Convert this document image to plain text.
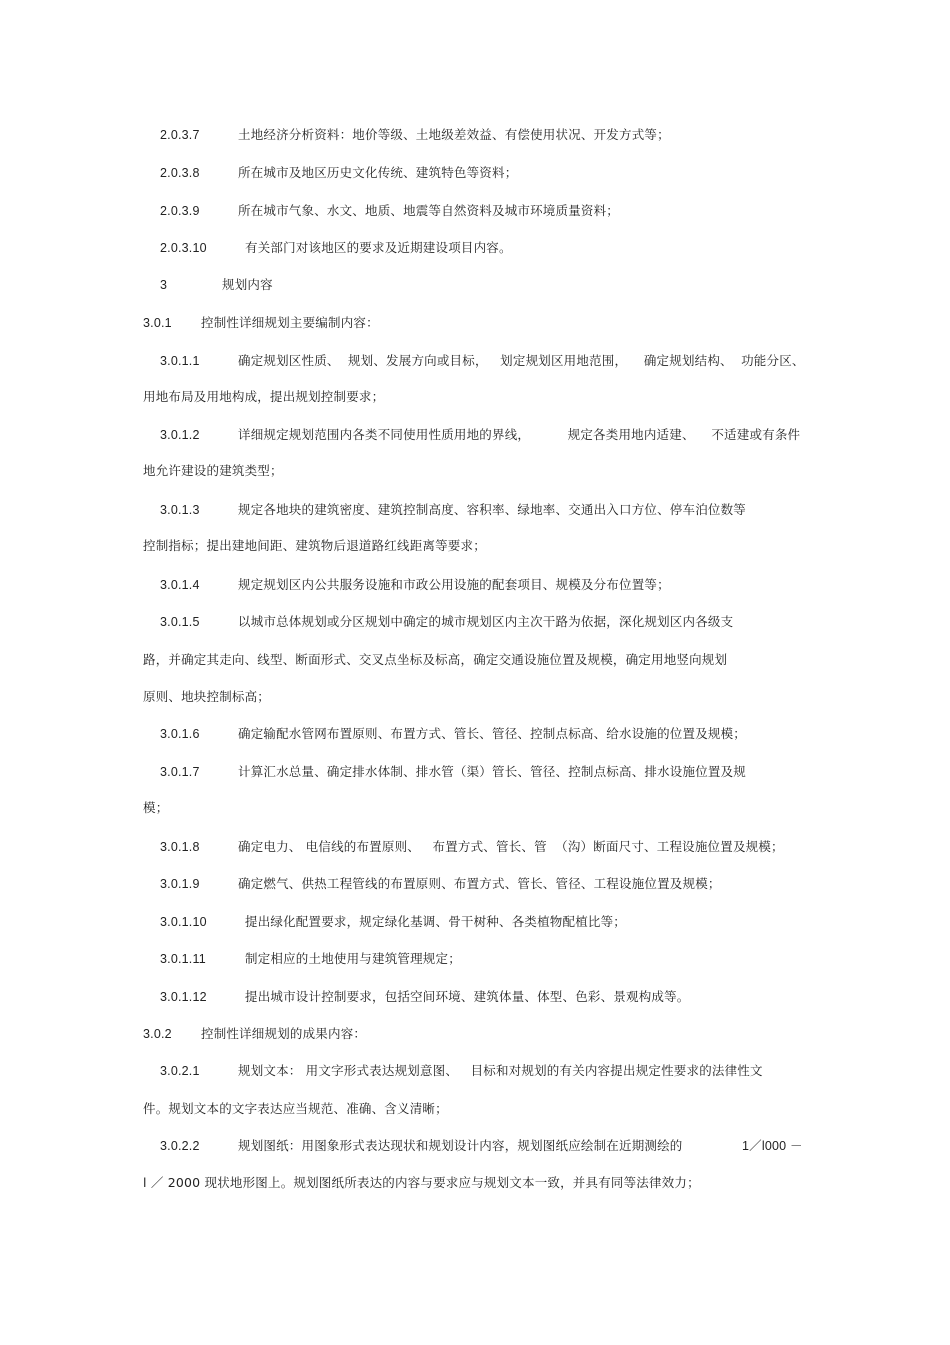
2.0.3.7	土地经济分析资料：地价等级、土地级差效益、有偿使用状况、开发方式等；
2.0.3.8	所在城市及地区历史文化传统、建筑特色等资料；
2.0.3.9	所在城市气象、水文、地质、地震等自然资料及城市环境质量资料；
2.0.3.10	有关部门对该地区的要求及近期建设项目内容。
3	规划内容
3.0.1 控制性详细规划主要编制内容：
3.0.1.1	确定规划区性质、  规划、发展方向或目标，   划定规划区用地范围，    确定规划结构、  功能分区、
用地布局及用地构成，提出规划控制要求；
3.0.1.2	详细规定规划范围内各类不同使用性质用地的界线，         规定各类用地内适建、    不适建或有条件
地允许建设的建筑类型；
3.0.1.3	规定各地块的建筑密度、建筑控制高度、容积率、绿地率、交通出入口方位、停车泊位数等
控制指标；提出建地间距、建筑物后退道路红线距离等要求；
3.0.1.4	规定规划区内公共服务设施和市政公用设施的配套项目、规模及分布位置等；
3.0.1.5	以城市总体规划或分区规划中确定的城市规划区内主次干路为依据，深化规划区内各级支
路，并确定其走向、线型、断面形式、交叉点坐标及标高，确定交通设施位置及规模，确定用地竖向规划
原则、地块控制标高；
3.0.1.6	确定输配水管网布置原则、布置方式、管长、管径、控制点标高、给水设施的位置及规模；
3.0.1.7	计算汇水总量、确定排水体制、排水管（渠）管长、管径、控制点标高、排水设施位置及规
模；
3.0.1.8	确定电力、 电信线的布置原则、   布置方式、管长、管  （沟）断面尺寸、工程设施位置及规模；
3.0.1.9	确定燃气、供热工程管线的布置原则、布置方式、管长、管径、工程设施位置及规模；
3.0.1.10	提出绿化配置要求，规定绿化基调、骨干树种、各类植物配植比等；
3.0.1.11	制定相应的土地使用与建筑管理规定；
3.0.1.12	提出城市设计控制要求，包括空间环境、建筑体量、体型、色彩、景观构成等。
3.0.2 控制性详细规划的成果内容：
3.0.2.1	规划文本： 用文字形式表达规划意图、   目标和对规划的有关内容提出规定性要求的法律性文
件。规划文本的文字表达应当规范、准确、含义清晰；
3.0.2.2	规划图纸：用图象形式表达现状和规划设计内容，规划图纸应绘制在近期测绘的	1／l000 －
l ／ 2000 现状地形图上。规划图纸所表达的内容与要求应与规划文本一致，并具有同等法律效力；
